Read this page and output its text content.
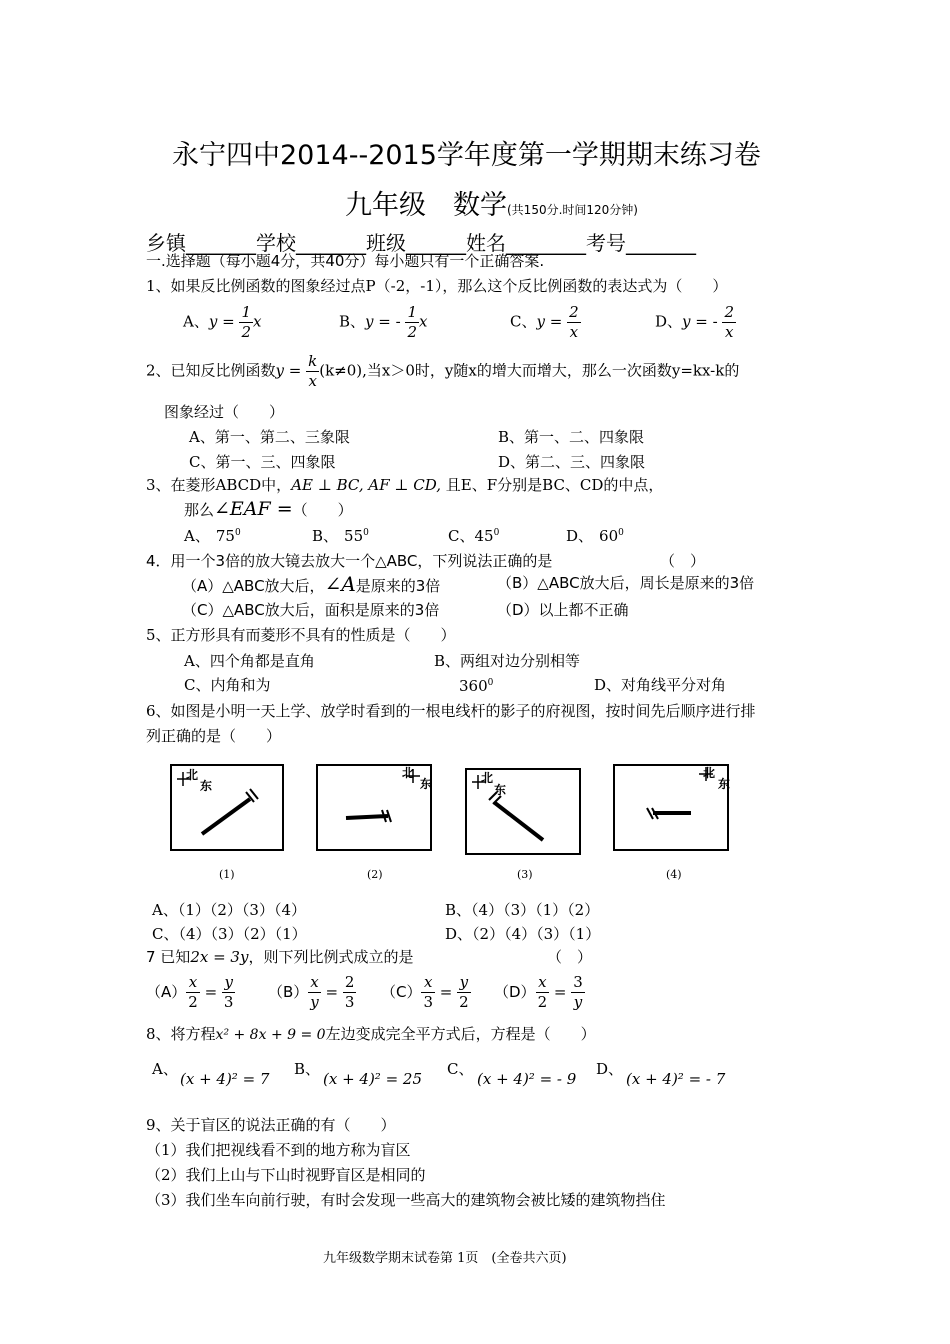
永宁四中2014--2015学年度第一学期期末练习卷
九年级　数学(共150分.时间120分钟)
乡镇_______学校_______班级______姓名________考号_______
一.选择题（每小题4分，共40分）每小题只有一个正确答案.
1、如果反比例函数的图象经过点P（-2，-1），那么这个反比例函数的表达式为（　　）
A、$y = \frac{1}{2}$ x	B、y = - $\frac{1}{2}$ x	C、$y = \frac{2}{x}$	D、y = - $\frac{2}{x}$
2、已知反比例函数$y = \frac{k}{x} (k\ne 0)$,当x＞0时，y随x的增大而增大，那么一次函数y=kx-k的
图象经过（　　）
A、第一、第二、三象限	B、第一、二、四象限
C、第一、三、四象限	D、第二、三、四象限
3、在菱形ABCD中，AE ⊥ BC, AF ⊥ CD, 且E、F分别是BC、CD的中点，
那么∠EAF =（　　）
A、 $75^0$	B、 $55^0$	C、$45^0$	D、 $60^0$
4．用一个3倍的放大镜去放大一个△ABC，下列说法正确的是	（　）
（A）△ABC放大后，∠A是原来的3倍	（B）△ABC放大后，周长是原来的3倍
（C）△ABC放大后，面积是原来的3倍	（D）以上都不正确
5、正方形具有而菱形不具有的性质是（　　）
A、四个角都是直角	B、两组对边分别相等
C、内角和为	$360^0$	D、对角线平分对角
6、如图是小明一天上学、放学时看到的一根电线杆的影子的府视图，按时间先后顺序进行排
列正确的是（　　）
北
东
北
东	北
东
北
东
(1)	(2)	(3)	(4)
A、（1）（2）（3）（4）	B、（4）（3）（1）（2）
C、（4）（3）（2）（1）	D、（2）（4）（3）（1）
7 已知2x = 3y，则下列比例式成立的是	（　）
$(A) \frac{x}{2} = \frac{y}{3} (B) \frac{x}{y} = \frac{2}{3} (C) \frac{x}{3} = \frac{y}{2} (D) \frac{x}{2} = \frac{3}{y}$
8、将方程x² + 8x + 9 = 0左边变成完全平方式后，方程是（　　）
A、
(x + 4)² = 7
B、
(x + 4)² = 25
C、
(x + 4)² = - 9
D、
(x + 4)² = - 7
9、关于盲区的说法正确的有（　　）
（1）我们把视线看不到的地方称为盲区
（2）我们上山与下山时视野盲区是相同的
（3）我们坐车向前行驶，有时会发现一些高大的建筑物会被比矮的建筑物挡住
九年级数学期末试卷第 1页　(全卷共六页)
